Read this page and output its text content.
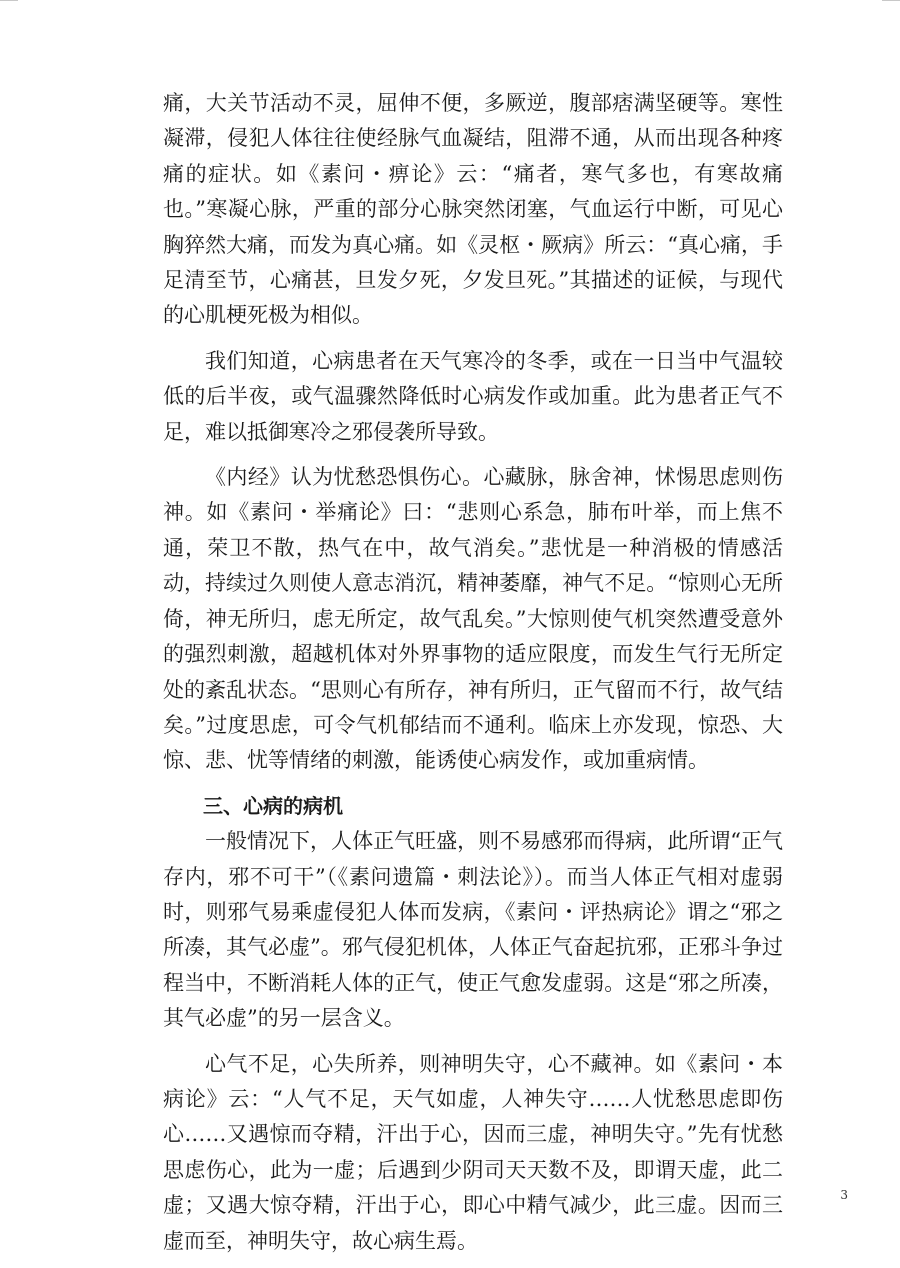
痛，大关节活动不灵，屈伸不便，多厥逆，腹部痞满坚硬等。寒性凝滞，侵犯人体往往使经脉气血凝结，阻滞不通，从而出现各种疼痛的症状。如《素问・痹论》云：“痛者，寒气多也，有寒故痛也。”寒凝心脉，严重的部分心脉突然闭塞，气血运行中断，可见心胸猝然大痛，而发为真心痛。如《灵枢・厥病》所云：“真心痛，手足清至节，心痛甚，旦发夕死，夕发旦死。”其描述的证候，与现代的心肌梗死极为相似。

我们知道，心病患者在天气寒冷的冬季，或在一日当中气温较低的后半夜，或气温骤然降低时心病发作或加重。此为患者正气不足，难以抵御寒冷之邪侵袭所导致。

《内经》认为忧愁恐惧伤心。心藏脉，脉舍神，怵惕思虑则伤神。如《素问・举痛论》曰：“悲则心系急，肺布叶举，而上焦不通，荣卫不散，热气在中，故气消矣。”悲忧是一种消极的情感活动，持续过久则使人意志消沉，精神萎靡，神气不足。“惊则心无所倚，神无所归，虑无所定，故气乱矣。”大惊则使气机突然遭受意外的强烈刺激，超越机体对外界事物的适应限度，而发生气行无所定处的紊乱状态。“思则心有所存，神有所归，正气留而不行，故气结矣。”过度思虑，可令气机郁结而不通利。临床上亦发现，惊恐、大惊、悲、忧等情绪的刺激，能诱使心病发作，或加重病情。

三、心病的病机

一般情况下，人体正气旺盛，则不易感邪而得病，此所谓“正气存内，邪不可干”（《素问遗篇・刺法论》）。而当人体正气相对虚弱时，则邪气易乘虚侵犯人体而发病，《素问・评热病论》谓之“邪之所凑，其气必虚”。邪气侵犯机体，人体正气奋起抗邪，正邪斗争过程当中，不断消耗人体的正气，使正气愈发虚弱。这是“邪之所凑，其气必虚”的另一层含义。

心气不足，心失所养，则神明失守，心不藏神。如《素问・本病论》云：“人气不足，天气如虚，人神失守……人忧愁思虑即伤心……又遇惊而夺精，汗出于心，因而三虚，神明失守。”先有忧愁思虑伤心，此为一虚；后遇到少阴司天天数不及，即谓天虚，此二虚；又遇大惊夺精，汗出于心，即心中精气减少，此三虚。因而三虚而至，神明失守，故心病生焉。

3
